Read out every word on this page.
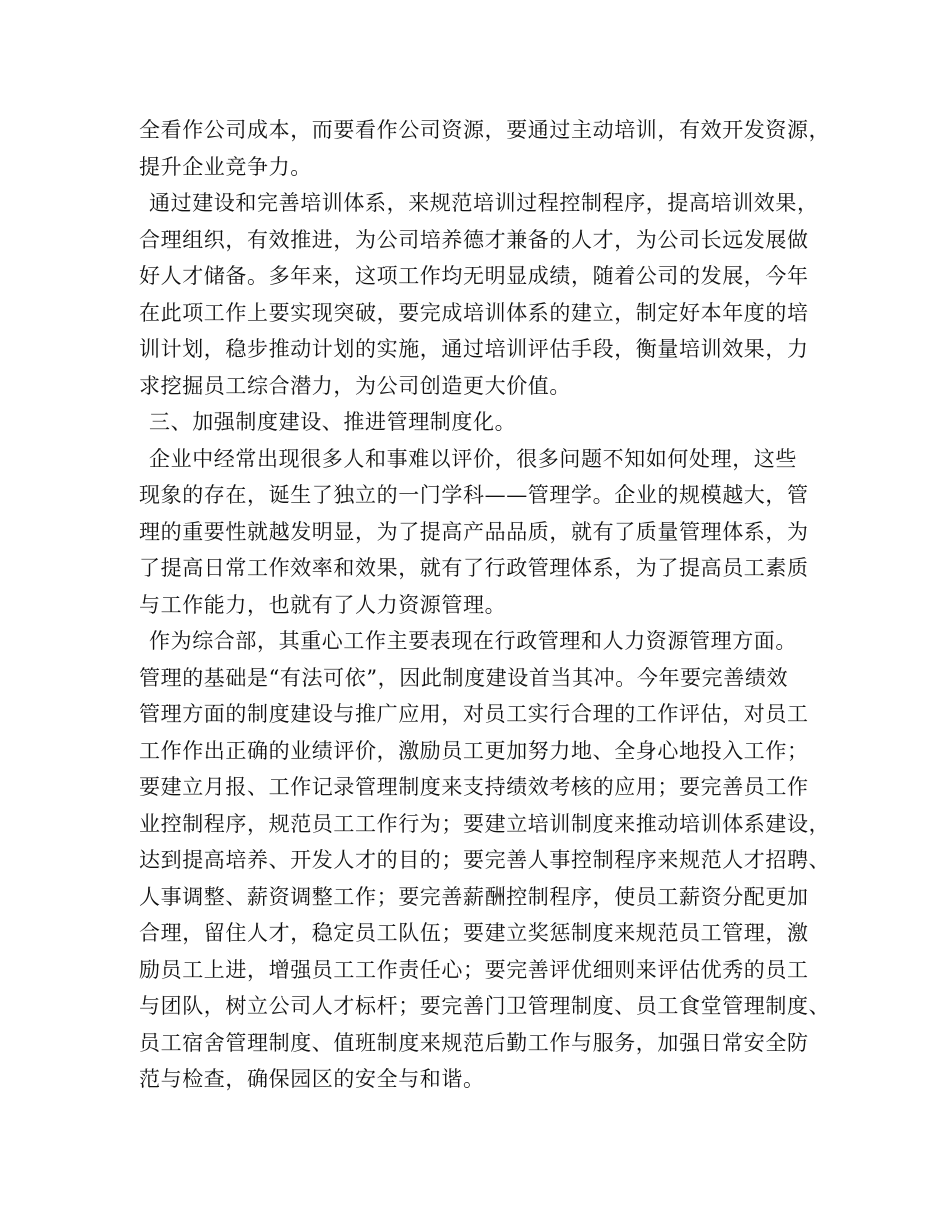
全看作公司成本，而要看作公司资源，要通过主动培训，有效开发资源，
提升企业竞争力。
通过建设和完善培训体系，来规范培训过程控制程序，提高培训效果，
合理组织，有效推进，为公司培养德才兼备的人才，为公司长远发展做
好人才储备。多年来，这项工作均无明显成绩，随着公司的发展，今年
在此项工作上要实现突破，要完成培训体系的建立，制定好本年度的培
训计划，稳步推动计划的实施，通过培训评估手段，衡量培训效果，力
求挖掘员工综合潜力，为公司创造更大价值。
三、加强制度建设、推进管理制度化。
企业中经常出现很多人和事难以评价，很多问题不知如何处理，这些
现象的存在，诞生了独立的一门学科——管理学。企业的规模越大，管
理的重要性就越发明显，为了提高产品品质，就有了质量管理体系，为
了提高日常工作效率和效果，就有了行政管理体系，为了提高员工素质
与工作能力，也就有了人力资源管理。
作为综合部，其重心工作主要表现在行政管理和人力资源管理方面。
管理的基础是“有法可依”，因此制度建设首当其冲。今年要完善绩效
管理方面的制度建设与推广应用，对员工实行合理的工作评估，对员工
工作作出正确的业绩评价，激励员工更加努力地、全身心地投入工作；
要建立月报、工作记录管理制度来支持绩效考核的应用；要完善员工作
业控制程序，规范员工工作行为；要建立培训制度来推动培训体系建设，
达到提高培养、开发人才的目的；要完善人事控制程序来规范人才招聘、
人事调整、薪资调整工作；要完善薪酬控制程序，使员工薪资分配更加
合理，留住人才，稳定员工队伍；要建立奖惩制度来规范员工管理，激
励员工上进，增强员工工作责任心；要完善评优细则来评估优秀的员工
与团队，树立公司人才标杆；要完善门卫管理制度、员工食堂管理制度、
员工宿舍管理制度、值班制度来规范后勤工作与服务，加强日常安全防
范与检查，确保园区的安全与和谐。
